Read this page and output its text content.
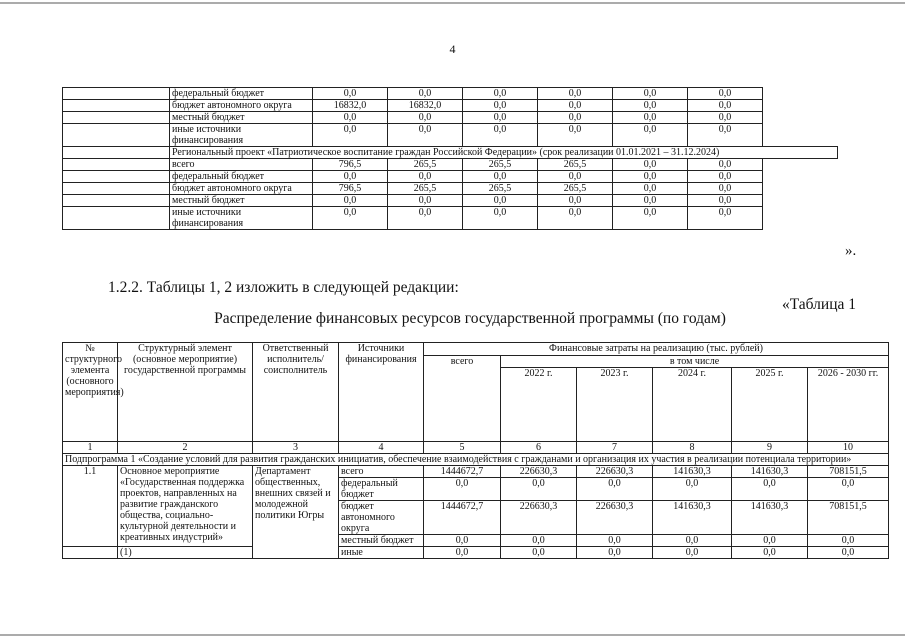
4
	федеральный бюджет	0,0	0,0	0,0	0,0	0,0	0,0
	бюджет автономного округа	16832,0	16832,0	0,0	0,0	0,0	0,0
	местный бюджет	0,0	0,0	0,0	0,0	0,0	0,0
	иные источники финансирования	0,0	0,0	0,0	0,0	0,0	0,0
	Региональный проект «Патриотическое воспитание граждан Российской Федерации» (срок реализации 01.01.2021 – 31.12.2024)						
	всего	796,5	265,5	265,5	265,5	0,0	0,0
	федеральный бюджет	0,0	0,0	0,0	0,0	0,0	0,0
	бюджет автономного округа	796,5	265,5	265,5	265,5	0,0	0,0
	местный бюджет	0,0	0,0	0,0	0,0	0,0	0,0
	иные источники финансирования	0,0	0,0	0,0	0,0	0,0	0,0
».
1.2.2. Таблицы 1, 2 изложить в следующей редакции:
«Таблица 1
Распределение финансовых ресурсов государственной программы (по годам)
№ структурного элемента (основного мероприятия)	Структурный элемент (основное мероприятие) государственной программы	Ответственный исполнитель/соисполнитель	Источники финансирования	Финансовые затраты на реализацию (тыс. рублей)					
				всего	в том числе				
					2022 г.	2023 г.	2024 г.	2025 г.	2026 - 2030 гг.
1	2	3	4	5	6	7	8	9	10
Подпрограмма 1 «Создание условий для развития гражданских инициатив, обеспечение взаимодействия с гражданами и организация их участия в реализации потенциала территории»									
1.1	Основное мероприятие «Государственная поддержка проектов, направленных на развитие гражданского общества, социально-культурной деятельности и креативных индустрий»	Департамент общественных, внешних связей и молодежной политики Югры	всего	1444672,7	226630,3	226630,3	141630,3	141630,3	708151,5
			федеральный бюджет	0,0	0,0	0,0	0,0	0,0	0,0
			бюджет автономного округа	1444672,7	226630,3	226630,3	141630,3	141630,3	708151,5
			местный бюджет	0,0	0,0	0,0	0,0	0,0	0,0
	(1)		иные	0,0	0,0	0,0	0,0	0,0	0,0
